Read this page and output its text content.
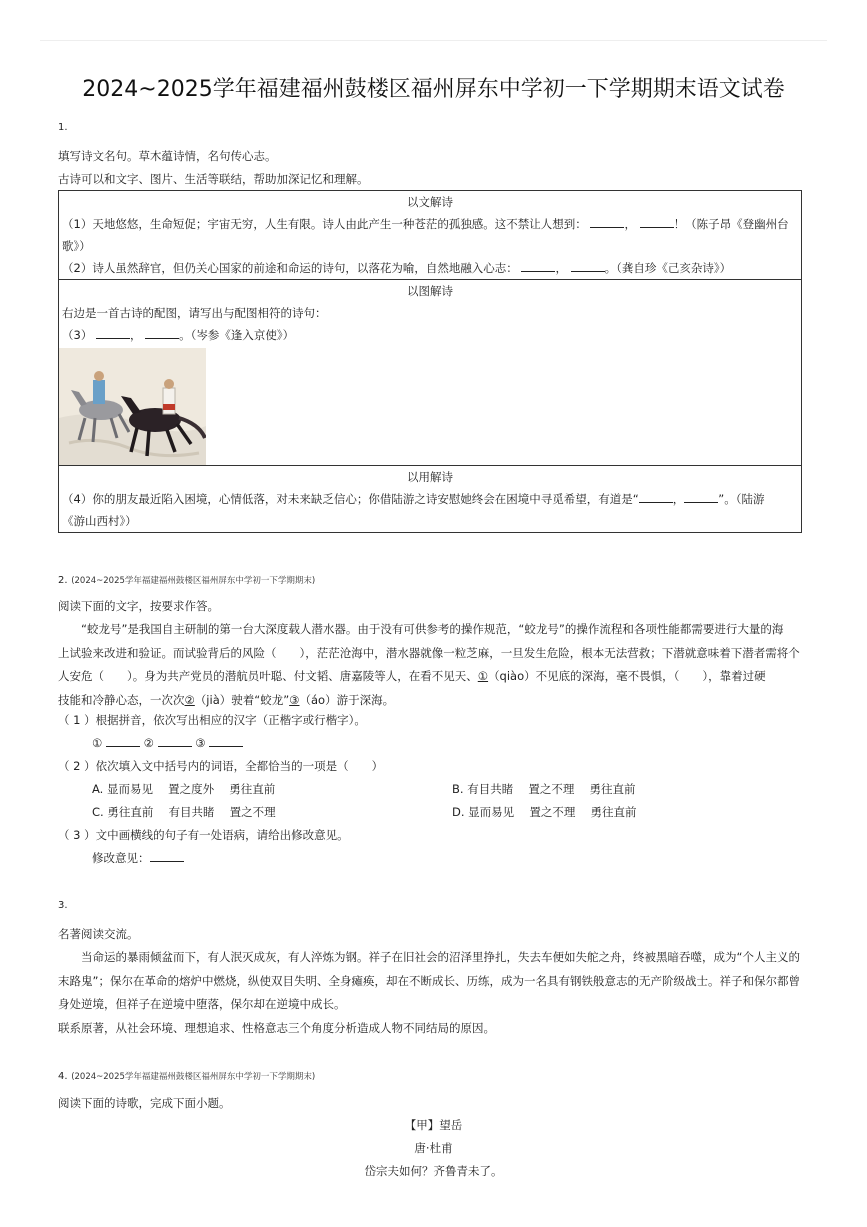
2024~2025学年福建福州鼓楼区福州屏东中学初一下学期期末语文试卷
1.
填写诗文名句。草木蕴诗情，名句传心志。
古诗可以和文字、图片、生活等联结，帮助加深记忆和理解。
以文解诗
（1）天地悠悠，生命短促；宇宙无穷，人生有限。诗人由此产生一种苍茫的孤独感。这不禁让人想到：	，	！（陈子昂《登幽州台
歌》）
（2）诗人虽然辞官，但仍关心国家的前途和命运的诗句，以落花为喻，自然地融入心志：	，	。（龚自珍《己亥杂诗》）

以图解诗
右边是一首古诗的配图，请写出与配图相符的诗句：
（3）	，	。（岑参《逢入京使》）

以用解诗
（4）你的朋友最近陷入困境，心情低落，对未来缺乏信心；你借陆游之诗安慰她终会在困境中寻觅希望，有道是“	，	”。（陆游
《游山西村》）
2. (2024~2025学年福建福州鼓楼区福州屏东中学初一下学期期末)
阅读下面的文字，按要求作答。
“蛟龙号”是我国自主研制的第一台大深度载人潜水器。由于没有可供参考的操作规范，“蛟龙号”的操作流程和各项性能都需要进行大量的海
上试验来改进和验证。而试验背后的风险（　　），茫茫沧海中，潜水器就像一粒芝麻，一旦发生危险，根本无法营救；下潜就意味着下潜者需将个
人安危（　　）。身为共产党员的潜航员叶聪、付文韬、唐嘉陵等人，在看不见天、①（qiào）不见底的深海，毫不畏惧，（　　），靠着过硬
技能和冷静心态，一次次②（jià）驶着“蛟龙”③（áo）游于深海。
（ 1 ）根据拼音，依次写出相应的汉字（正楷字或行楷字）。
①	②	③
（ 2 ）依次填入文中括号内的词语，全都恰当的一项是（　　）
A. 显而易见　 置之度外　 勇往直前	B. 有目共睹　 置之不理　 勇往直前
C. 勇往直前　 有目共睹　 置之不理	D. 显而易见　 置之不理　 勇往直前
（ 3 ）文中画横线的句子有一处语病，请给出修改意见。
修改意见：
3.
名著阅读交流。
当命运的暴雨倾盆而下，有人泯灭成灰，有人淬炼为钢。祥子在旧社会的沼泽里挣扎，失去车便如失舵之舟，终被黑暗吞噬，成为“个人主义的
末路鬼”；保尔在革命的熔炉中燃烧，纵使双目失明、全身瘫痪，却在不断成长、历练，成为一名具有钢铁般意志的无产阶级战士。祥子和保尔都曾
身处逆境，但祥子在逆境中堕落，保尔却在逆境中成长。
联系原著，从社会环境、理想追求、性格意志三个角度分析造成人物不同结局的原因。
4. (2024~2025学年福建福州鼓楼区福州屏东中学初一下学期期末)
阅读下面的诗歌，完成下面小题。
【甲】望岳
唐·杜甫
岱宗夫如何？齐鲁青未了。
